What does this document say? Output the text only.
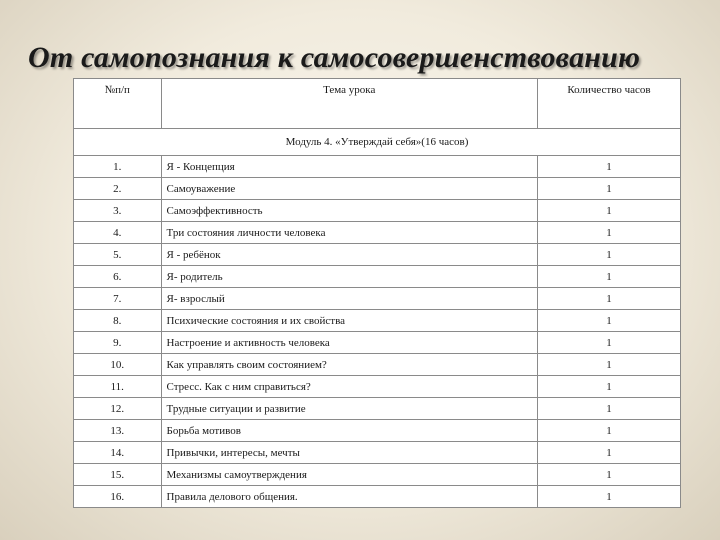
От самопознания к самосовершенствованию
№п/п	Тема урока	Количество часов
Модуль 4. «Утверждай себя»(16 часов)		
1.	Я - Концепция	1
2.	Самоуважение	1
3.	Самоэффективность	1
4.	Три состояния личности человека	1
5.	Я - ребёнок	1
6.	Я- родитель	1
7.	Я- взрослый	1
8.	Психические состояния и их свойства	1
9.	Настроение и активность человека	1
10.	Как управлять своим состоянием?	1
11.	Стресс. Как с ним справиться?	1
12.	Трудные ситуации и развитие	1
13.	Борьба мотивов	1
14.	Привычки, интересы, мечты	1
15.	Механизмы самоутверждения	1
16.	Правила делового общения.	1
